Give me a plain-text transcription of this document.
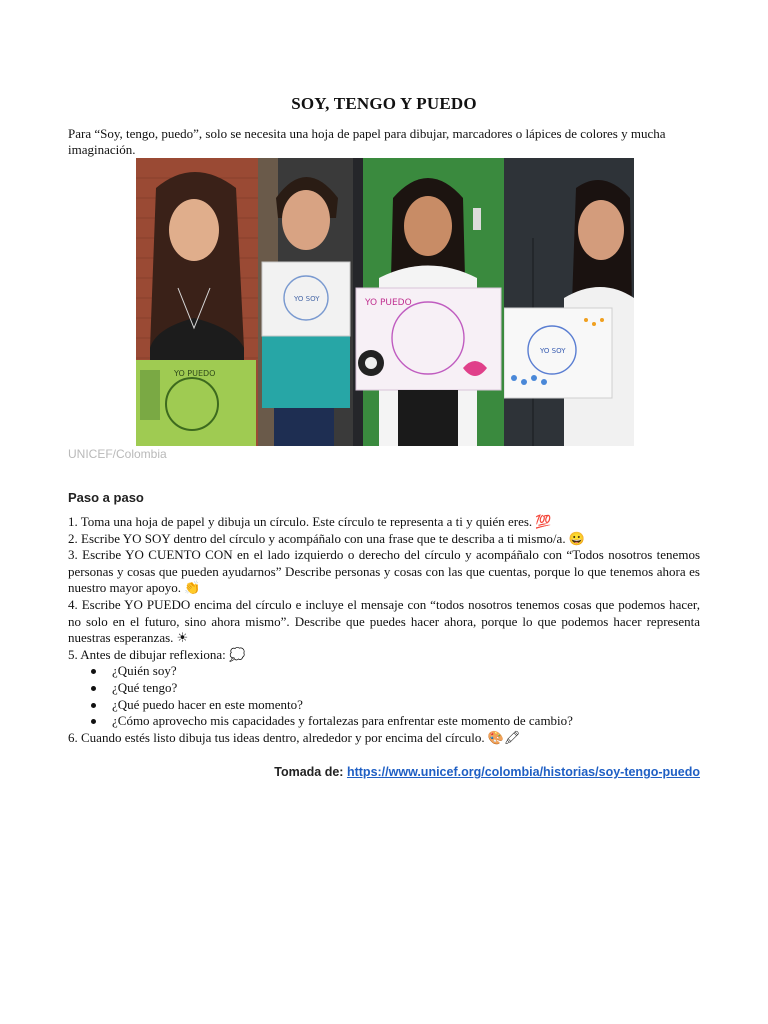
SOY, TENGO Y PUEDO
Para “Soy, tengo, puedo”, solo se necesita una hoja de papel para dibujar, marcadores o lápices de colores y mucha imaginación.
YO PUEDO
YO SOY	YO PUEDO
YO SOY
UNICEF/Colombia
Paso a paso

1. Toma una hoja de papel y dibuja un círculo. Este círculo te representa a ti y quién eres. 💯

2. Escribe YO SOY dentro del círculo y acompáñalo con una frase que te describa a ti mismo/a. 😀

3. Escribe YO CUENTO CON en el lado izquierdo o derecho del círculo y acompáñalo con “Todos nosotros tenemos personas y cosas que pueden ayudarnos” Describe personas y cosas con las que cuentas, porque lo que tenemos ahora es nuestro mayor apoyo. 👏

4. Escribe YO PUEDO encima del círculo e incluye el mensaje con “todos nosotros tenemos cosas que podemos hacer, no solo en el futuro, sino ahora mismo”. Describe que puedes hacer ahora, porque lo que podemos hacer representa nuestras esperanzas. ☀

5. Antes de dibujar reflexiona: 💭

¿Quién soy?
¿Qué tengo?
¿Qué puedo hacer en este momento?
¿Cómo aprovecho mis capacidades y fortalezas para enfrentar este momento de cambio?

6. Cuando estés listo dibuja tus ideas dentro, alrededor y por encima del círculo. 🎨🖍

Tomada de: https://www.unicef.org/colombia/historias/soy-tengo-puedo
